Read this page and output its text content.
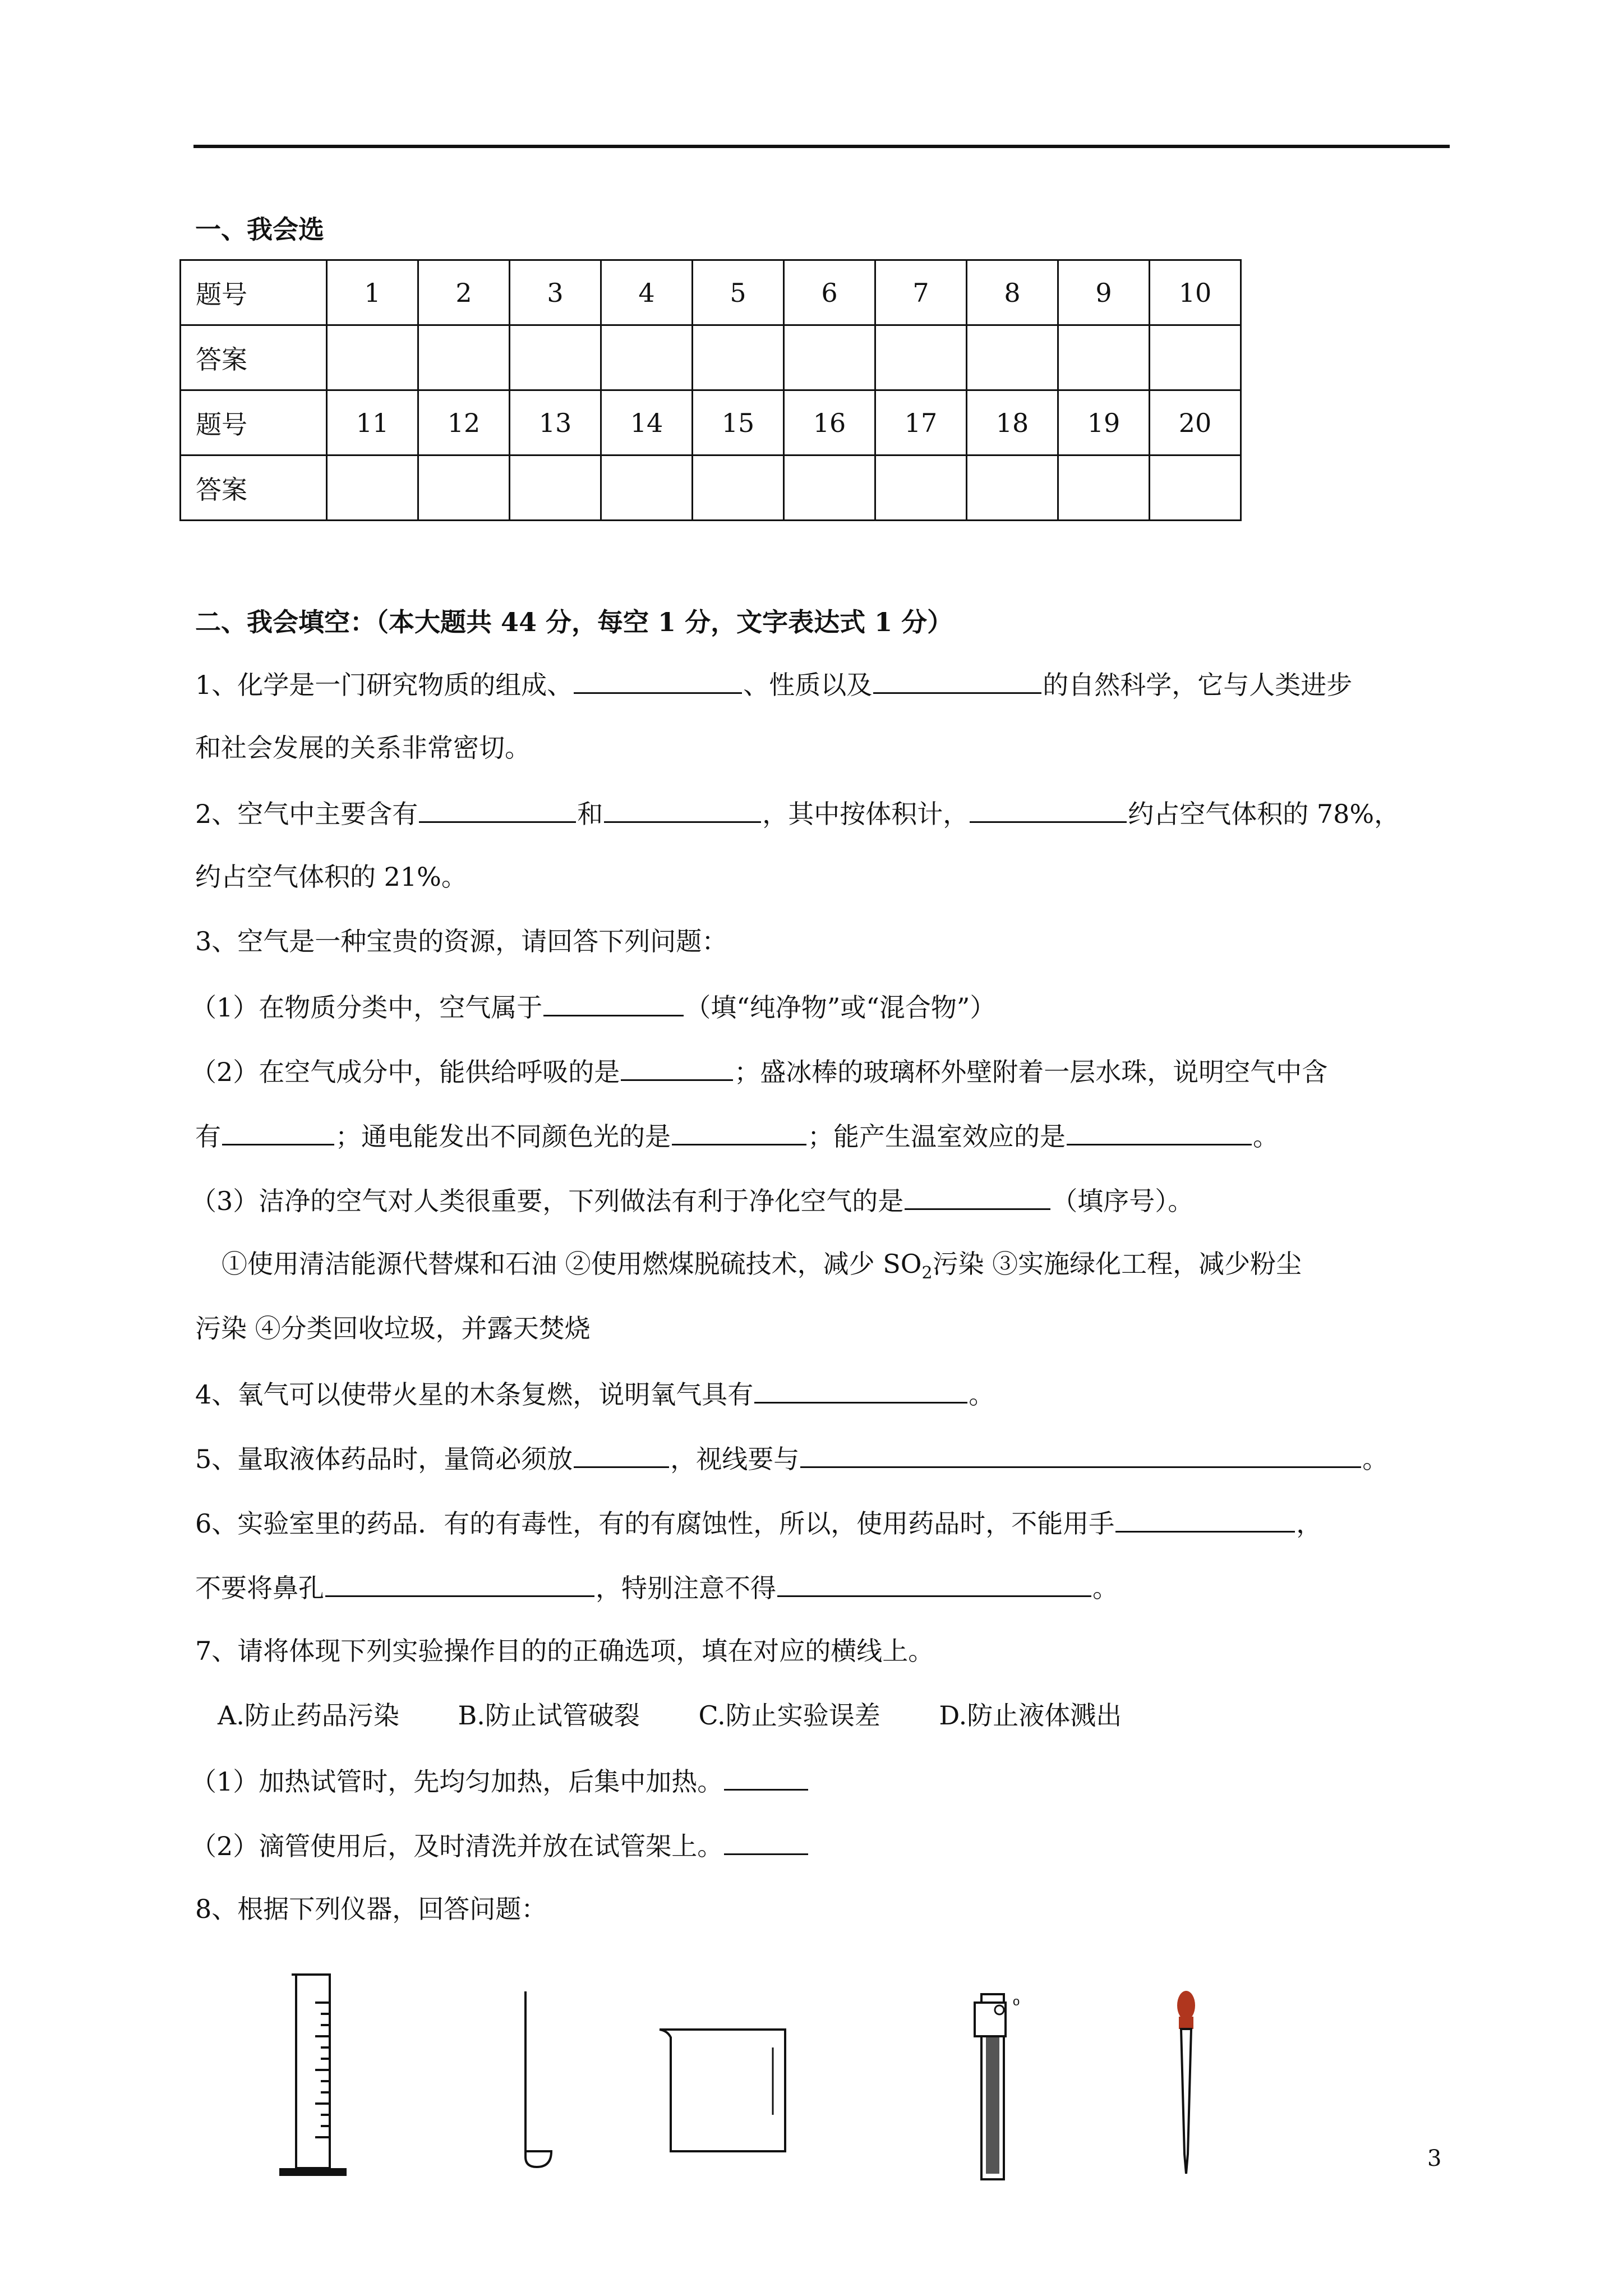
一、我会选
题号	1	2	3	4	5	6	7	8	9	10
答案										
题号	11	12	13	14	15	16	17	18	19	20
答案										
二、我会填空：（本大题共 44 分，每空 1 分，文字表达式 1 分）
1、化学是一门研究物质的组成、	、性质以及	的自然科学，它与人类进步
和社会发展的关系非常密切。
2、空气中主要含有	和	，其中按体积计，	约占空气体积的 78%，
约占空气体积的 21%。
3、空气是一种宝贵的资源，请回答下列问题：
（1）在物质分类中，空气属于	（填“纯净物”或“混合物”）
（2）在空气成分中，能供给呼吸的是	；盛冰棒的玻璃杯外壁附着一层水珠，说明空气中含
有	；通电能发出不同颜色光的是	；能产生温室效应的是	。
（3）洁净的空气对人类很重要，下列做法有利于净化空气的是	（填序号）。
①使用清洁能源代替煤和石油 ②使用燃煤脱硫技术，减少 $SO_2$污染 ③实施绿化工程，减少粉尘
污染 ④分类回收垃圾，并露天焚烧
4、氧气可以使带火星的木条复燃，说明氧气具有	。
5、量取液体药品时，量筒必须放	，视线要与	。
6、实验室里的药品．有的有毒性，有的有腐蚀性，所以，使用药品时，不能用手	，
不要将鼻孔	，特别注意不得	。
7、请将体现下列实验操作目的的正确选项，填在对应的横线上。
A.防止药品污染 B.防止试管破裂 C.防止实验误差 D.防止液体溅出
（1）加热试管时，先均匀加热，后集中加热。
（2）滴管使用后，及时清洗并放在试管架上。
8、根据下列仪器，回答问题：
o
3
